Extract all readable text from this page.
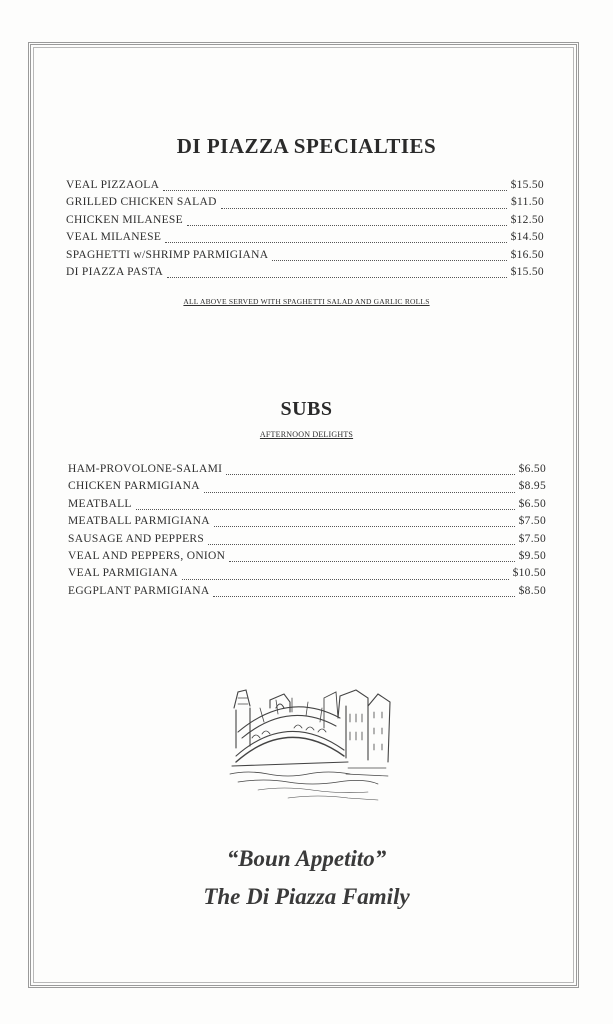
DI PIAZZA SPECIALTIES
VEAL PIZZAOLA	$15.50
GRILLED CHICKEN SALAD	$11.50
CHICKEN MILANESE	$12.50
VEAL MILANESE	$14.50
SPAGHETTI w/SHRIMP PARMIGIANA	$16.50
DI PIAZZA PASTA	$15.50
ALL ABOVE SERVED WITH SPAGHETTI SALAD AND GARLIC ROLLS
SUBS
AFTERNOON DELIGHTS
HAM-PROVOLONE-SALAMI	$6.50
CHICKEN PARMIGIANA	$8.95
MEATBALL	$6.50
MEATBALL PARMIGIANA	$7.50
SAUSAGE AND PEPPERS	$7.50
VEAL AND PEPPERS, ONION	$9.50
VEAL PARMIGIANA	$10.50
EGGPLANT PARMIGIANA	$8.50
“Boun Appetito”
The Di Piazza Family
